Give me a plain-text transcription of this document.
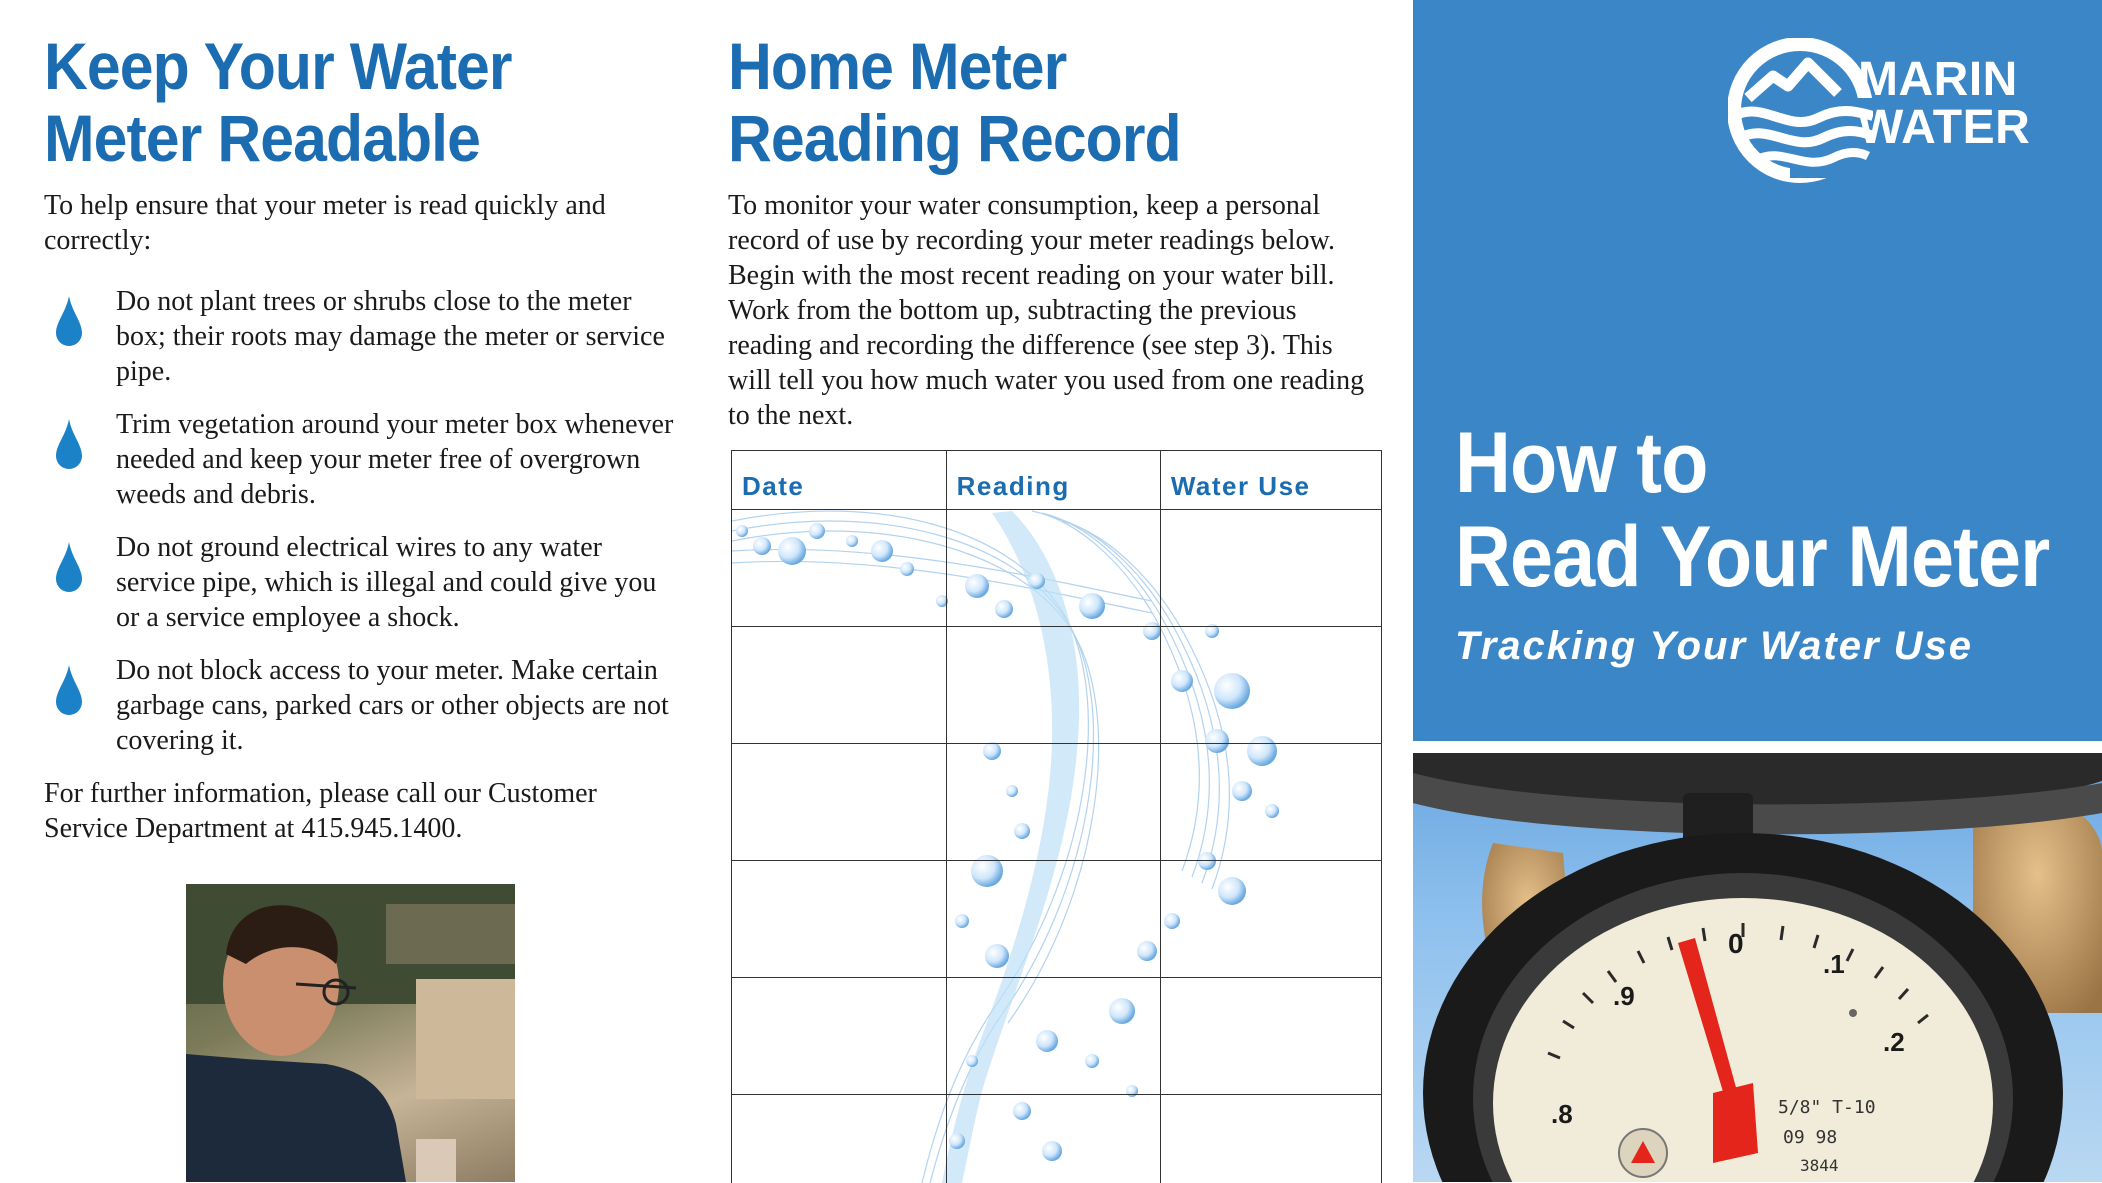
Keep Your Water
Meter Readable

To help ensure that your meter is read quickly and correctly:

Do not plant trees or shrubs close to the meter box; their roots may damage the meter or service pipe.
Trim vegetation around your meter box whenever needed and keep your meter free of overgrown weeds and debris.
Do not ground electrical wires to any water service pipe, which is illegal and could give you or a service employee a shock.
Do not block access to your meter. Make certain garbage cans, parked cars or other objects are not covering it.

For further information, please call our Customer Service Department at 415.945.1400.

Home Meter
Reading Record

To monitor your water consumption, keep a personal record of use by recording your meter readings below. Begin with the most recent reading on your water bill. Work from the bottom up, subtracting the previous reading and recording the difference (see step 3). This will tell you how much water you used from one reading to the next.

Date	Reading	Water Use

MARIN
WATER
How to
Read Your Meter

Tracking Your Water Use

0
.1
.2
.8
.9
5/8" T-10
09 98
3844
